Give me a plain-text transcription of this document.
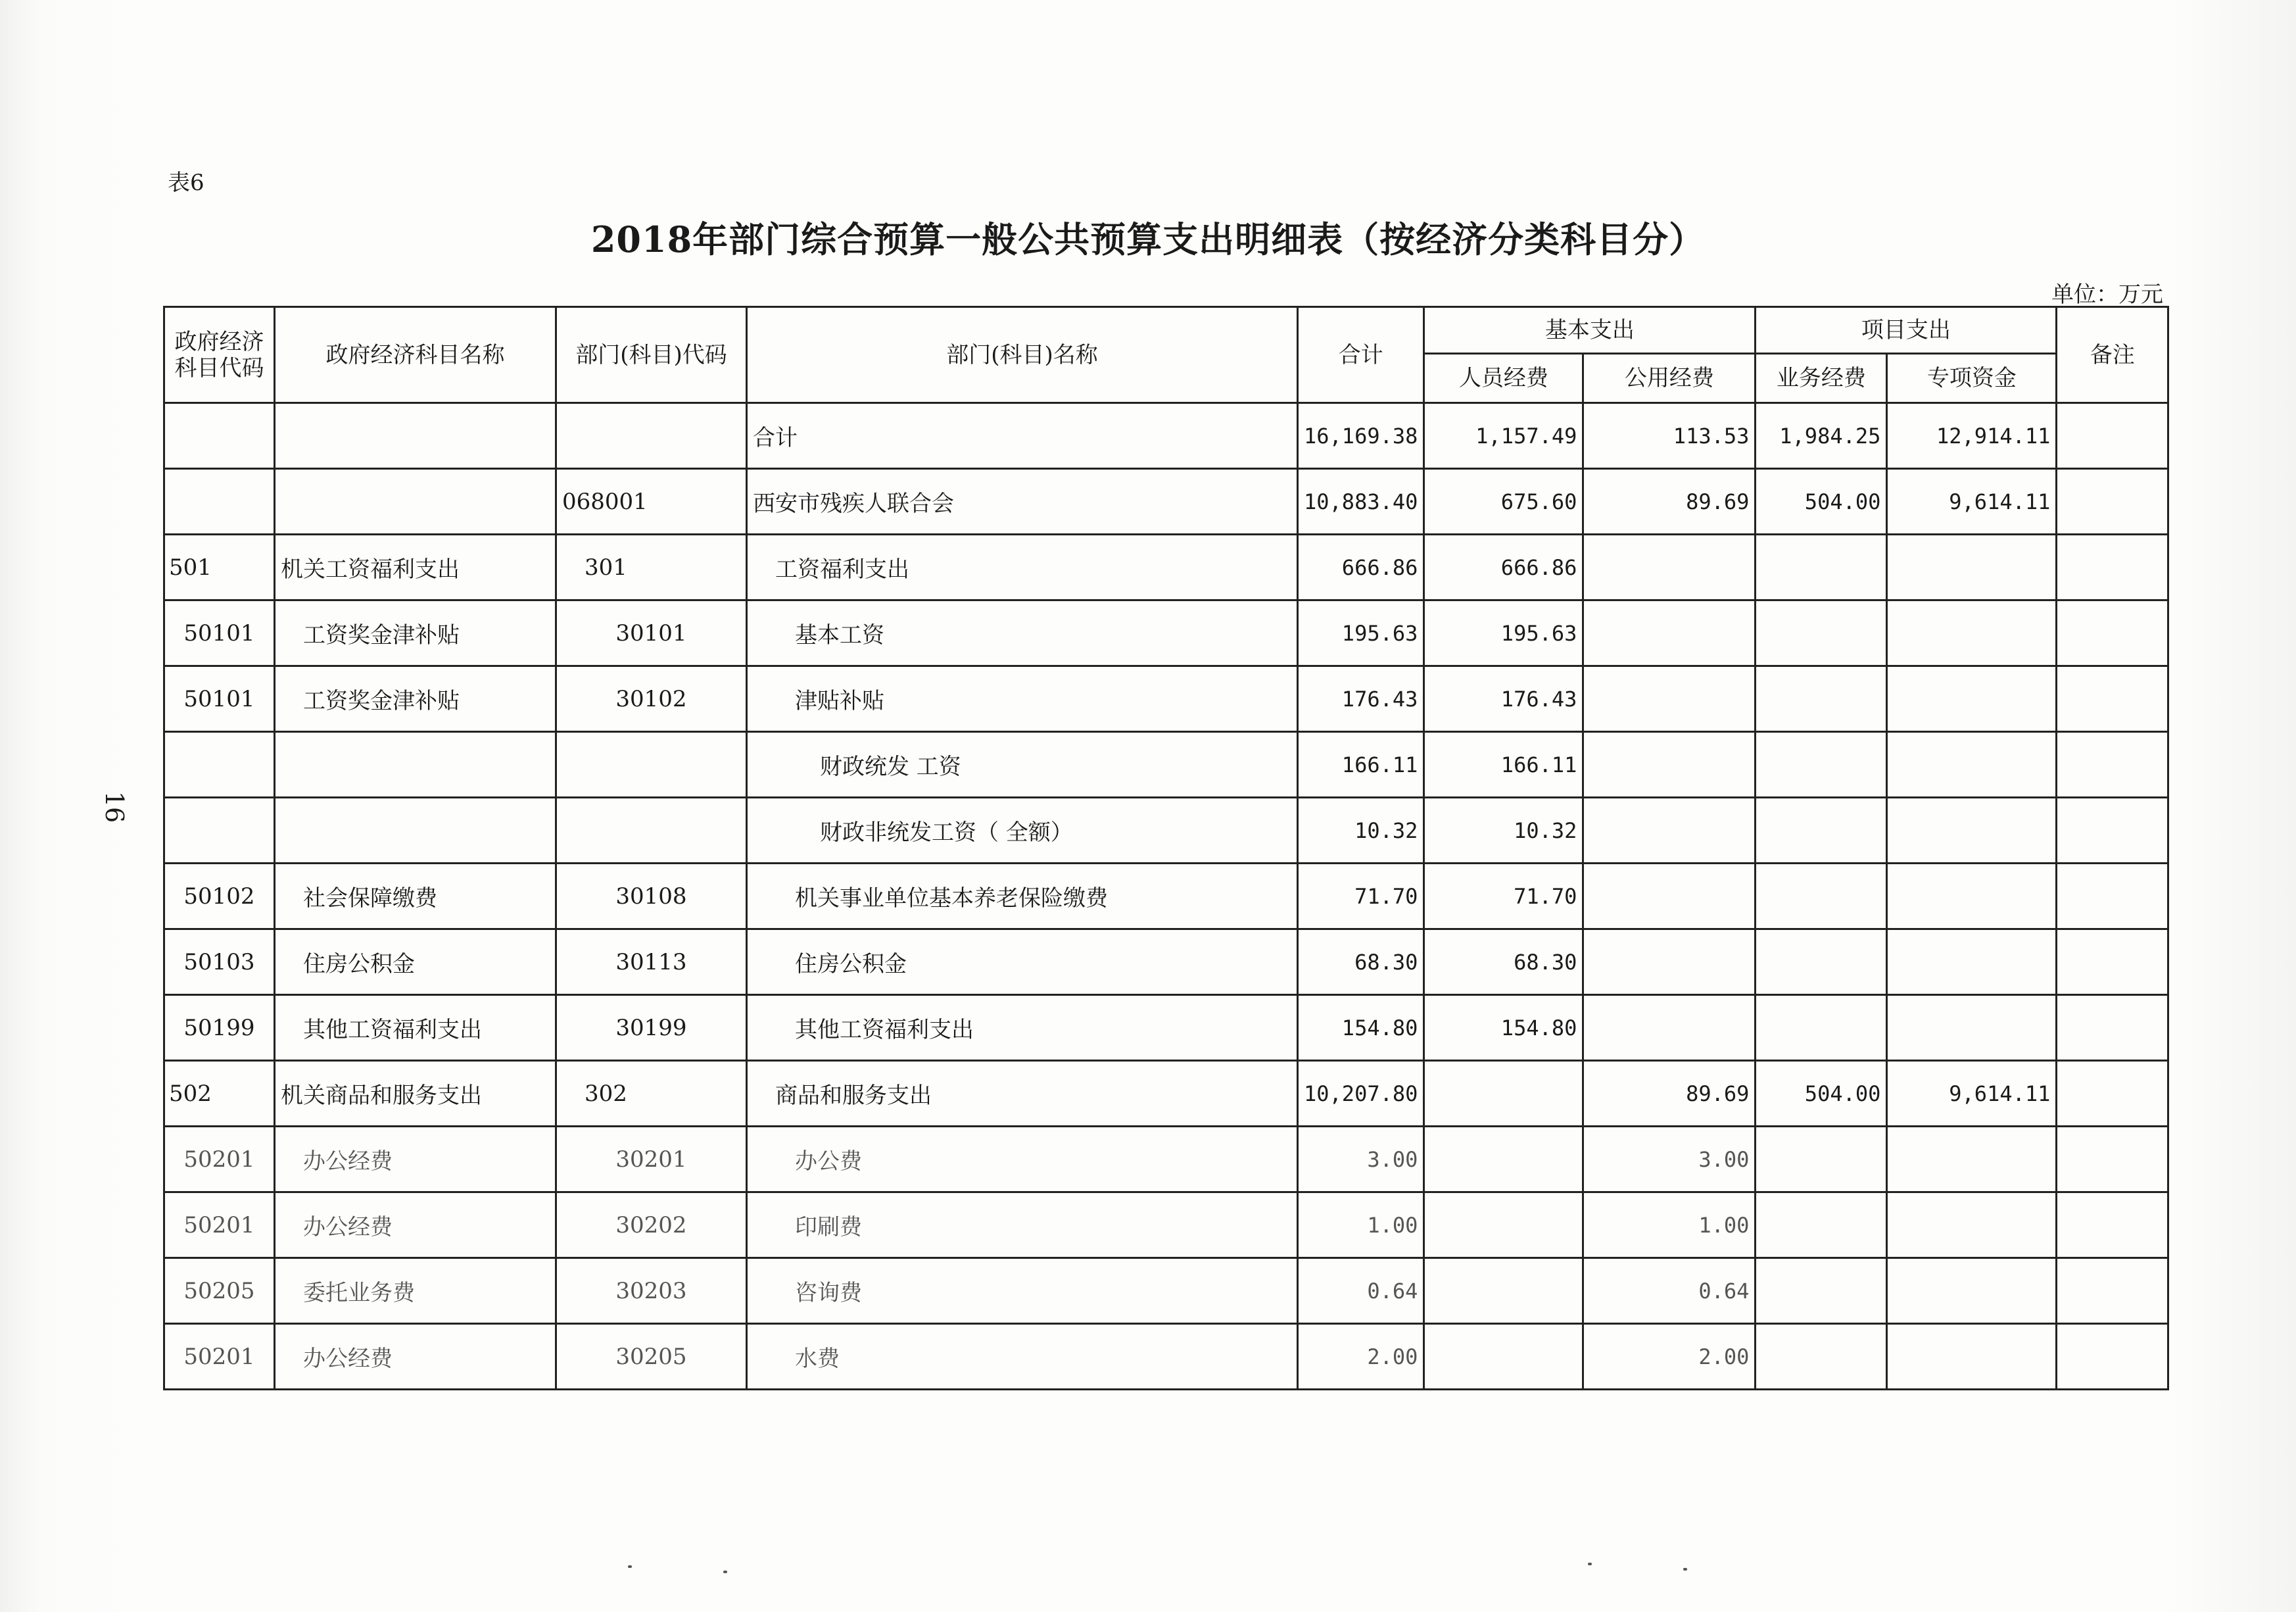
表6
2018年部门综合预算一般公共预算支出明细表（按经济分类科目分）
单位：万元
16
政府经济科目代码	政府经济科目名称	部门(科目)代码	部门(科目)名称	合计	基本支出		项目支出		备注
					人员经费	公用经费	业务经费	专项资金	
			合计	16,169.38	1,157.49	113.53	1,984.25	12,914.11	
		068001	西安市残疾人联合会	10,883.40	675.60	89.69	504.00	9,614.11	
501	机关工资福利支出	301	工资福利支出	666.86	666.86				
50101	工资奖金津补贴	30101	基本工资	195.63	195.63				
50101	工资奖金津补贴	30102	津贴补贴	176.43	176.43				
			财政统发 工资	166.11	166.11				
			财政非统发工资（ 全额）	10.32	10.32				
50102	社会保障缴费	30108	机关事业单位基本养老保险缴费	71.70	71.70				
50103	住房公积金	30113	住房公积金	68.30	68.30				
50199	其他工资福利支出	30199	其他工资福利支出	154.80	154.80				
502	机关商品和服务支出	302	商品和服务支出	10,207.80		89.69	504.00	9,614.11	
50201	办公经费	30201	办公费	3.00		3.00			
50201	办公经费	30202	印刷费	1.00		1.00			
50205	委托业务费	30203	咨询费	0.64		0.64			
50201	办公经费	30205	水费	2.00		2.00			
